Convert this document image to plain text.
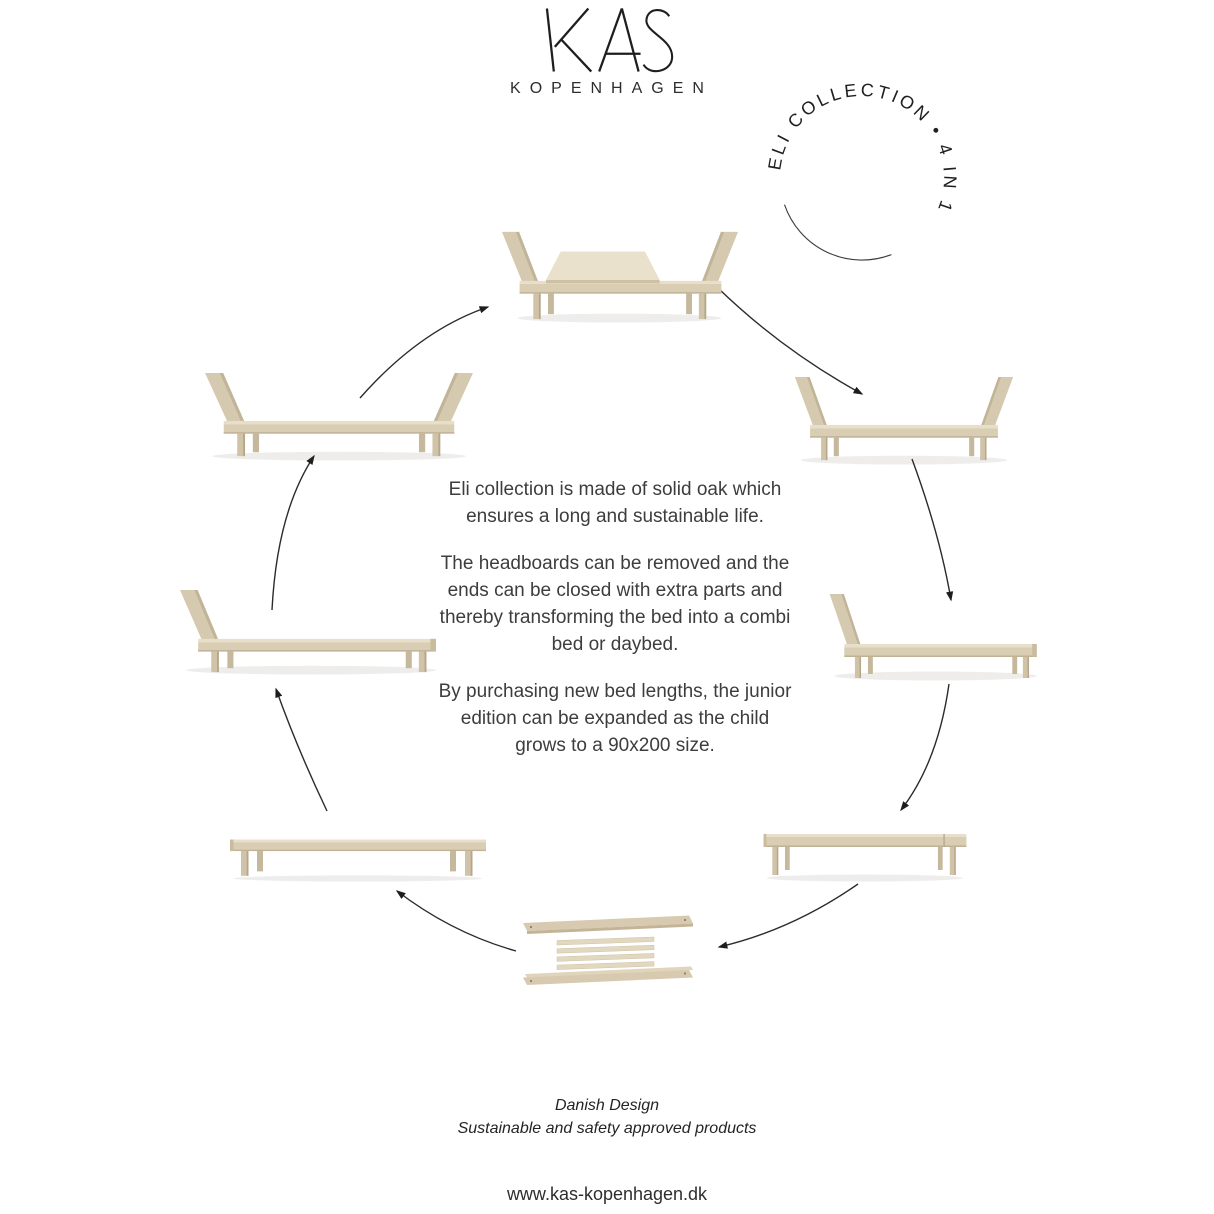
KOPENHAGEN
ELI COLLECTION • 4 IN 1

Eli collection is made of solid oak which ensures a long and sustainable life.

The headboards can be removed and the ends can be closed with extra parts and thereby transforming the bed into a combi bed or daybed.

By purchasing new bed lengths, the junior edition can be expanded as the child grows to a 90x200 size.

Danish Design
Sustainable and safety approved products
www.kas-kopenhagen.dk
